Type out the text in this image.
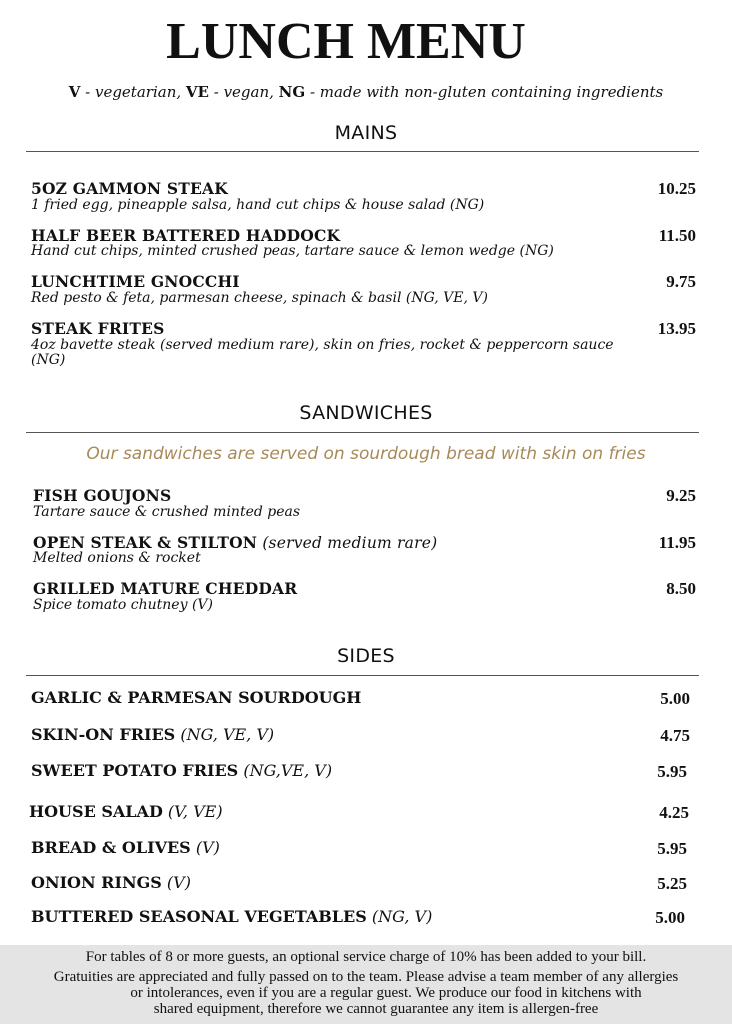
LUNCH MENU
V - vegetarian, VE - vegan, NG - made with non-gluten containing ingredients
MAINS
5OZ GAMMON STEAK
1 fried egg, pineapple salsa, hand cut chips & house salad (NG)
10.25
HALF BEER BATTERED HADDOCK
Hand cut chips, minted crushed peas, tartare sauce & lemon wedge (NG)
11.50
LUNCHTIME GNOCCHI
Red pesto & feta, parmesan cheese, spinach & basil (NG, VE, V)
9.75
STEAK FRITES
4oz bavette steak (served medium rare), skin on fries, rocket & peppercorn sauce (NG)
13.95
SANDWICHES
Our sandwiches are served on sourdough bread with skin on fries
FISH GOUJONS
Tartare sauce & crushed minted peas
9.25
OPEN STEAK & STILTON (served medium rare)
Melted onions & rocket
11.95
GRILLED MATURE CHEDDAR
Spice tomato chutney (V)
8.50
SIDES
GARLIC & PARMESAN SOURDOUGH	5.00
SKIN-ON FRIES (NG, VE, V)	4.75
SWEET POTATO FRIES (NG,VE, V)	5.95
HOUSE SALAD (V, VE)	4.25
BREAD & OLIVES (V)	5.95
ONION RINGS (V)	5.25
BUTTERED SEASONAL VEGETABLES (NG, V)	5.00

For tables of 8 or more guests, an optional service charge of 10% has been added to your bill.

Gratuities are appreciated and fully passed on to the team. Please advise a team member of any allergies

or intolerances, even if you are a regular guest. We produce our food in kitchens with

shared equipment, therefore we cannot guarantee any item is allergen-free
